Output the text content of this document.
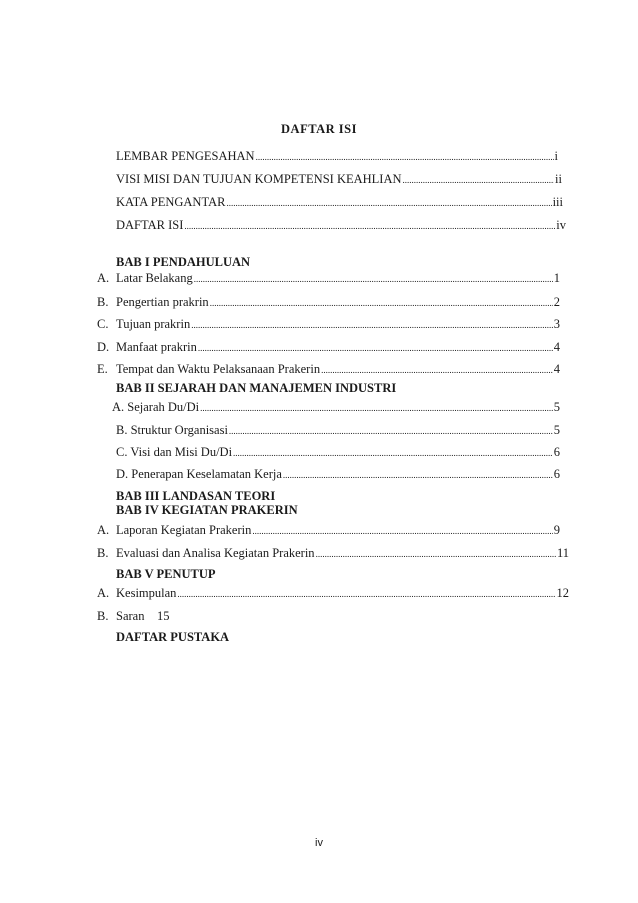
DAFTAR ISI
LEMBAR PENGESAHAN .....	i
VISI MISI DAN TUJUAN KOMPETENSI KEAHLIAN .....	ii
KATA PENGANTAR .....	iii
DAFTAR ISI .....	iv
BAB I PENDAHULUAN
A. Latar Belakang .....	1
B. Pengertian prakrin .....	2
C. Tujuan prakrin .....	3
D. Manfaat prakrin .....	4
E. Tempat dan Waktu Pelaksanaan Prakerin .....	4
BAB II SEJARAH DAN MANAJEMEN INDUSTRI
A. Sejarah Du/Di .....	5
B. Struktur Organisasi .....	5
C. Visi dan Misi Du/Di .....	6
D. Penerapan Keselamatan Kerja .....	6
BAB III LANDASAN TEORI
BAB IV KEGIATAN PRAKERIN
A. Laporan Kegiatan Prakerin .....	9
B. Evaluasi dan Analisa Kegiatan Prakerin .....	11
BAB V PENUTUP
A. Kesimpulan .....	12
B. Saran    15
DAFTAR PUSTAKA
iv
